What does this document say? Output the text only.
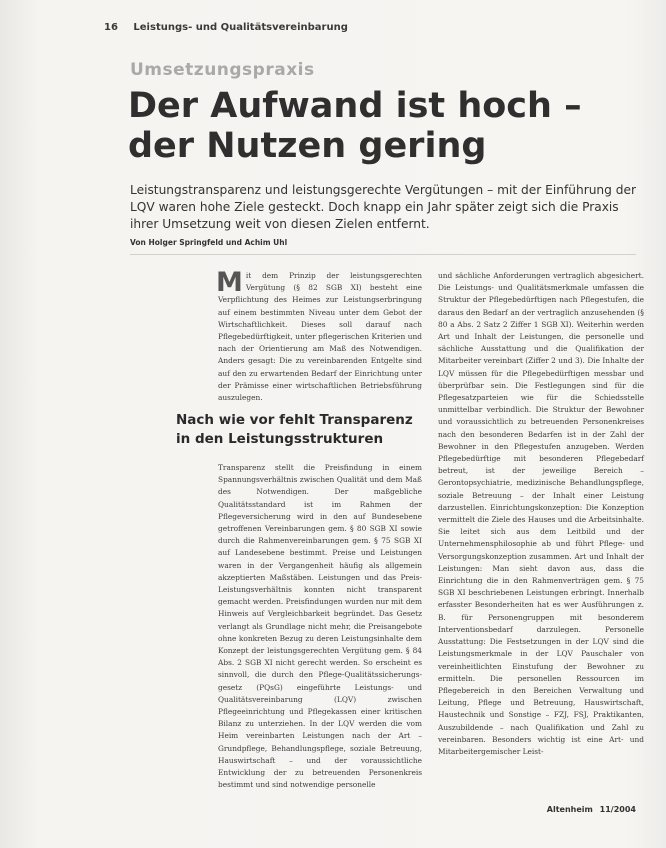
16 Leistungs- und Qualitätsvereinbarung
Umsetzungspraxis
Der Aufwand ist hoch –
der Nutzen gering

Leistungstransparenz und leistungsgerechte Vergütungen – mit der Einführung der LQV waren hohe Ziele gesteckt. Doch knapp ein Jahr später zeigt sich die Praxis ihrer Umsetzung weit von diesen Zielen entfernt.

Von Holger Springfeld und Achim Uhl

Mit dem Prinzip der leistungsgerechten Vergütung (§ 82 SGB XI) besteht eine Verpflichtung des Heimes zur Leistungserbringung auf einem bestimmten Niveau unter dem Gebot der Wirtschaftlichkeit. Dieses soll darauf nach Pflegebedürftigkeit, unter pflegerischen Kriterien und nach der Orientierung am Maß des Notwendigen. Anders gesagt: Die zu vereinbarenden Entgelte sind auf den zu erwartenden Bedarf der Einrichtung unter der Prämisse einer wirtschaftlichen Betriebsführung auszulegen.

Nach wie vor fehlt Transparenz
in den Leistungsstrukturen

Transparenz stellt die Preisfindung in einem Spannungsverhältnis zwischen Qualität und dem Maß des Notwendigen. Der maßgebliche Qualitätsstandard ist im Rahmen der Pflegeversicherung wird in den auf Bundesebene getroffenen Vereinbarungen gem. § 80 SGB XI sowie durch die Rahmenvereinbarungen gem. § 75 SGB XI auf Landesebene bestimmt. Preise und Leistungen waren in der Vergangenheit häufig als allgemein akzeptierten Maßstäben. Leistungen und das Preis-Leistungsverhältnis konnten nicht transparent gemacht werden. Preisfindungen wurden nur mit dem Hinweis auf Vergleichbarkeit begründet. Das Gesetz verlangt als Grundlage nicht mehr, die Preisangebote ohne konkreten Bezug zu deren Leistungsinhalte dem Konzept der leistungsgerechten Vergütung gem. § 84 Abs. 2 SGB XI nicht gerecht werden. So erscheint es sinnvoll, die durch den Pflege-Qualitätssicherungs-gesetz (PQsG) eingeführte Leistungs- und Qualitätsvereinbarung (LQV) zwischen Pflegeeinrichtung und Pflegekassen einer kritischen Bilanz zu unterziehen. In der LQV werden die vom Heim vereinbarten Leistungen nach der Art – Grundpflege, Behandlungspflege, soziale Betreuung, Hauswirtschaft – und der voraussichtliche Entwicklung der zu betreuenden Personenkreis bestimmt und sind notwendige personelle

und sächliche Anforderungen vertraglich abgesichert. Die Leistungs- und Qualitätsmerkmale umfassen die Struktur der Pflegebedürftigen nach Pflegestufen, die daraus den Bedarf an der vertraglich anzusehenden (§ 80 a Abs. 2 Satz 2 Ziffer 1 SGB XI). Weiterhin werden Art und Inhalt der Leistungen, die personelle und sächliche Ausstattung und die Qualifikation der Mitarbeiter vereinbart (Ziffer 2 und 3). Die Inhalte der LQV müssen für die Pflegebedürftigen messbar und überprüfbar sein. Die Festlegungen sind für die Pflegesatzparteien wie für die Schiedsstelle unmittelbar verbindlich. Die Struktur der Bewohner und voraussichtlich zu betreuenden Personenkreises nach den besonderen Bedarfen ist in der Zahl der Bewohner in den Pflegestufen anzugeben. Werden Pflegebedürftige mit besonderen Pflegebedarf betreut, ist der jeweilige Bereich – Gerontopsychiatrie, medizinische Behandlungspflege, soziale Betreuung – der Inhalt einer Leistung darzustellen. Einrichtungskonzeption: Die Konzeption vermittelt die Ziele des Hauses und die Arbeitsinhalte. Sie leitet sich aus dem Leitbild und der Unternehmensphilosophie ab und führt Pflege- und Versorgungskonzeption zusammen. Art und Inhalt der Leistungen: Man sieht davon aus, dass die Einrichtung die in den Rahmenverträgen gem. § 75 SGB XI beschriebenen Leistungen erbringt. Innerhalb erfasster Besonderheiten hat es wer Ausführungen z. B. für Personengruppen mit besonderem Interventionsbedarf darzulegen. Personelle Ausstattung: Die Festsetzungen in der LQV sind die Leistungsmerkmale in der LQV Pauschaler von vereinheitlichten Einstufung der Bewohner zu ermitteln. Die personellen Ressourcen im Pflegebereich in den Bereichen Verwaltung und Leitung, Pflege und Betreuung, Hauswirtschaft, Haustechnik und Sonstige – FZJ, FSJ, Praktikanten, Auszubildende – nach Qualifikation und Zahl zu vereinbaren. Besonders wichtig ist eine Art- und Mitarbeitergemischer Leist-

Altenheim 11/2004
